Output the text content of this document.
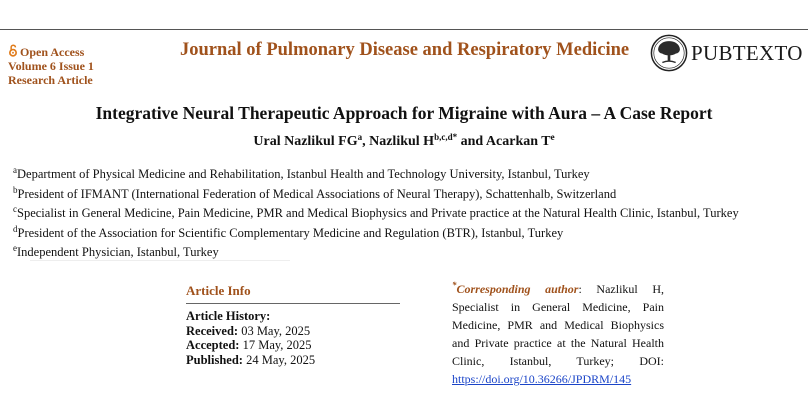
Open Access
Volume 6 Issue 1
Research Article
Journal of Pulmonary Disease and Respiratory Medicine	PUBTEXTO
Integrative Neural Therapeutic Approach for Migraine with Aura – A Case Report
Ural Nazlikul $FG^a$, Nazlikul $H^{b,c,d*}$ and Acarkan $T^e$
$^a$Department of Physical Medicine and Rehabilitation, Istanbul Health and Technology University, Istanbul, Turkey
$^b$President of IFMANT (International Federation of Medical Associations of Neural Therapy), Schattenhalb, Switzerland
$^c$Specialist in General Medicine, Pain Medicine, PMR and Medical Biophysics and Private practice at the Natural Health Clinic, Istanbul, Turkey
$^d$President of the Association for Scientific Complementary Medicine and Regulation (BTR), Istanbul, Turkey
$^e$Independent Physician, Istanbul, Turkey
Article Info
Article History:
Received: 03 May, 2025
Accepted: 17 May, 2025
Published: 24 May, 2025
*Corresponding author: Nazlikul H, Specialist in General Medicine, Pain Medicine, PMR and Medical Biophysics and Private practice at the Natural Health Clinic, Istanbul, Turkey; DOI: https://doi.org/10.36266/JPDRM/145
